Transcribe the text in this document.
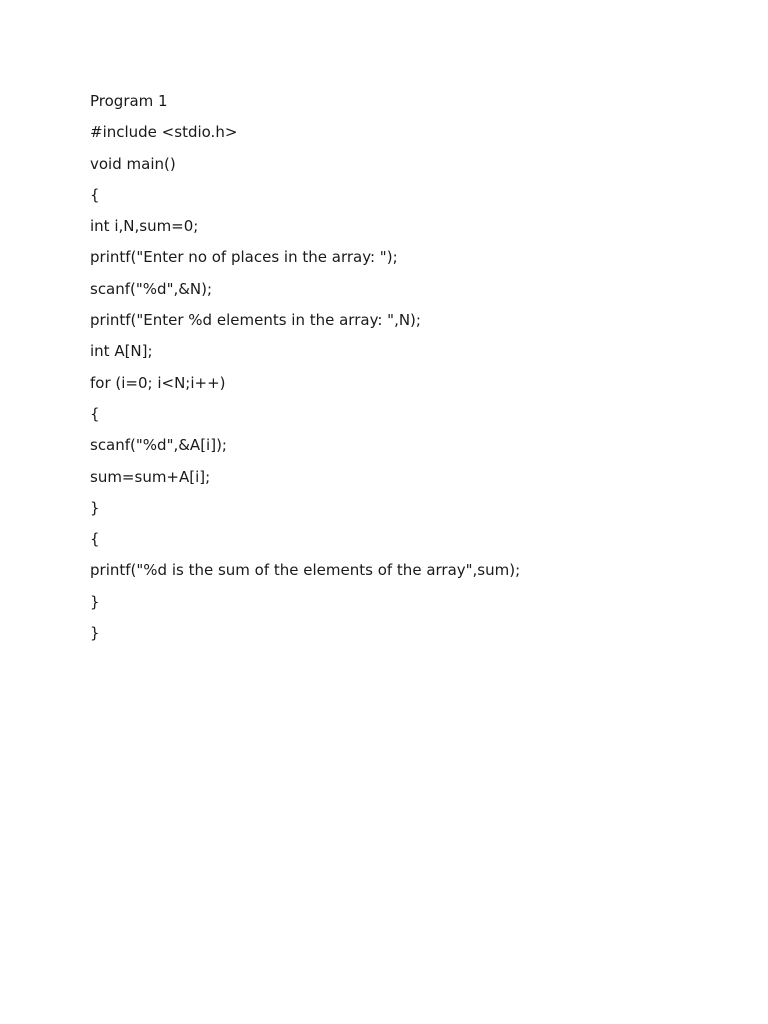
Program 1

#include <stdio.h>

void main()

{

int i,N,sum=0;

printf("Enter no of places in the array: ");

scanf("%d",&N);

printf("Enter %d elements in the array: ",N);

int A[N];

for (i=0; i<N;i++)

{

scanf("%d",&A[i]);

sum=sum+A[i];

}

{

printf("%d is the sum of the elements of the array",sum);

}

}
